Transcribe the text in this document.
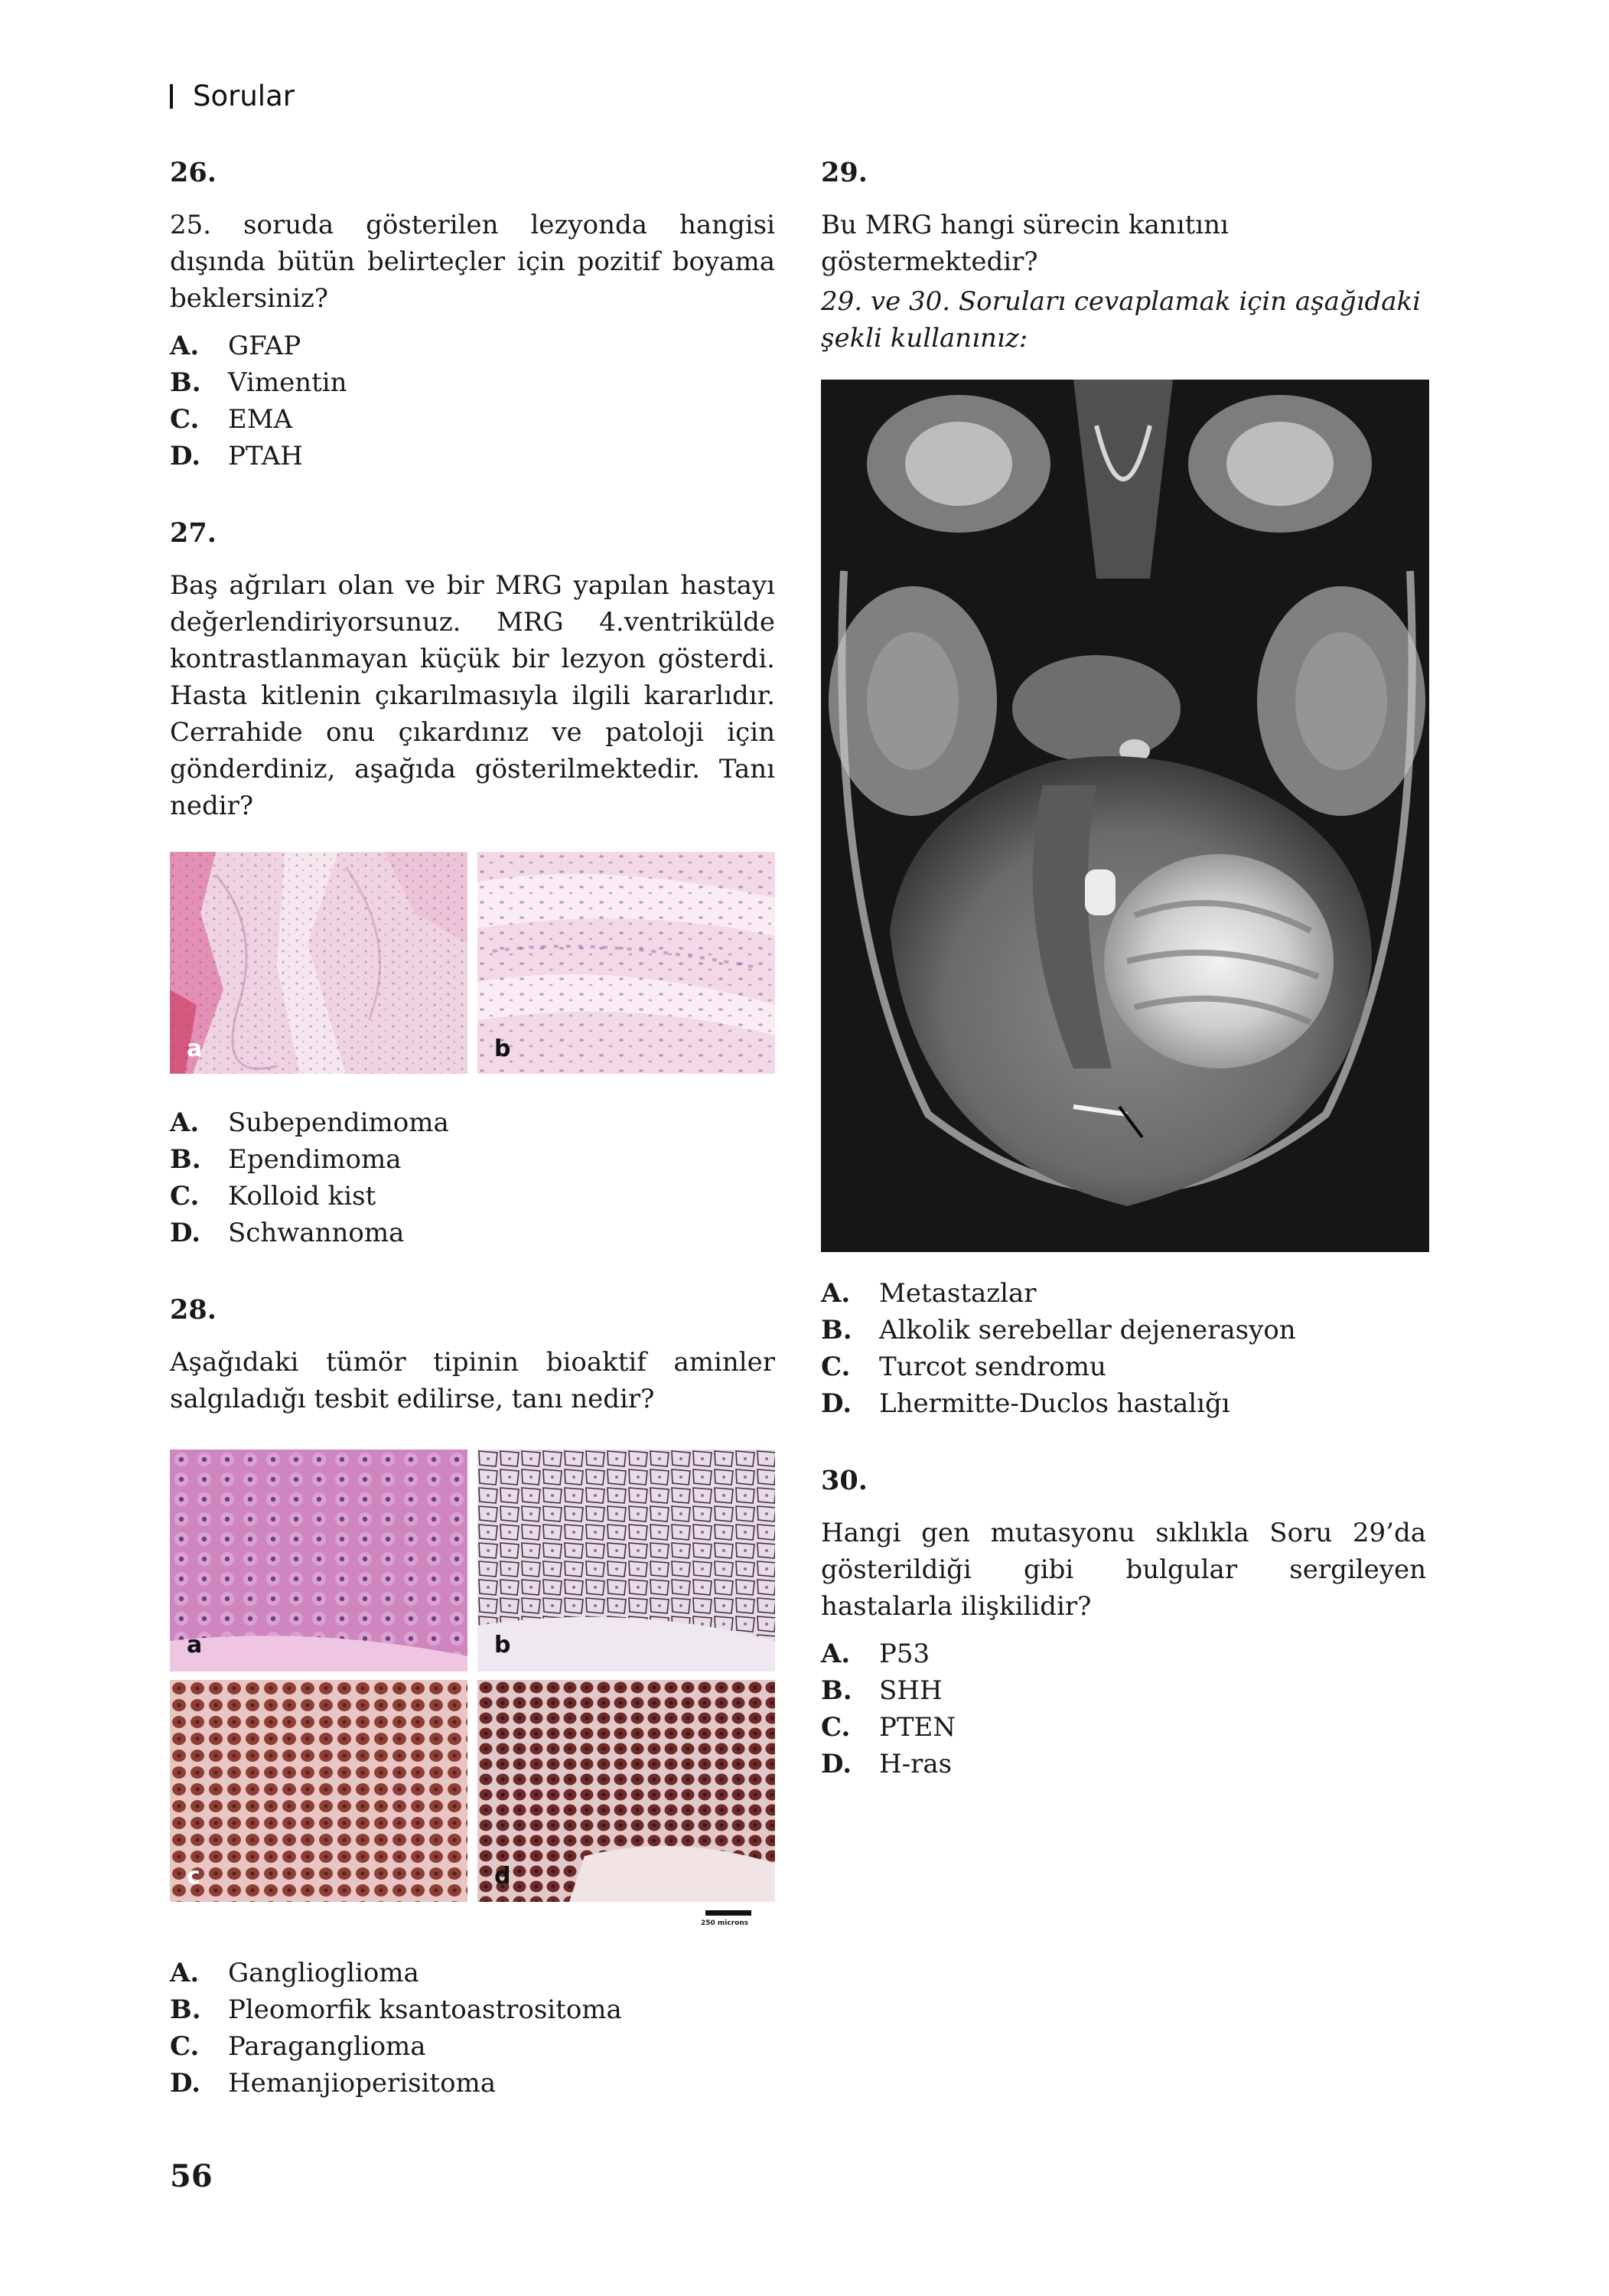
Sorular
26.
25. soruda gösterilen lezyonda hangisi dışında bütün belirteçler için pozitif boyama beklersiniz?
A. GFAP
B. Vimentin
C. EMA
D. PTAH
27.
Baş ağrıları olan ve bir MRG yapılan hastayı değerlendiriyorsunuz. MRG 4.ventrikülde kontrastlanmayan küçük bir lezyon gösterdi. Hasta kitlenin çıkarılmasıyla ilgili kararlıdır. Cerrahide onu çıkardınız ve patoloji için gönderdiniz, aşağıda gösterilmektedir. Tanı nedir?
a	b
A. Subependimoma
B. Ependimoma
C. Kolloid kist
D. Schwannoma
28.
Aşağıdaki tümör tipinin bioaktif aminler salgıladığı tesbit edilirse, tanı nedir?
a	b
c	d
250 microns
A. Ganglioglioma
B. Pleomorfik ksantoastrositoma
C. Paraganglioma
D. Hemanjioperisitoma
29.
Bu MRG hangi sürecin kanıtını göstermektedir?
29. ve 30. Soruları cevaplamak için aşağıdaki şekli kullanınız:
A. Metastazlar
B. Alkolik serebellar dejenerasyon
C. Turcot sendromu
D. Lhermitte-Duclos hastalığı
30.
Hangi gen mutasyonu sıklıkla Soru 29’da gösterildiği gibi bulgular sergileyen hastalarla ilişkilidir?
A. P53
B. SHH
C. PTEN
D. H-ras
56
